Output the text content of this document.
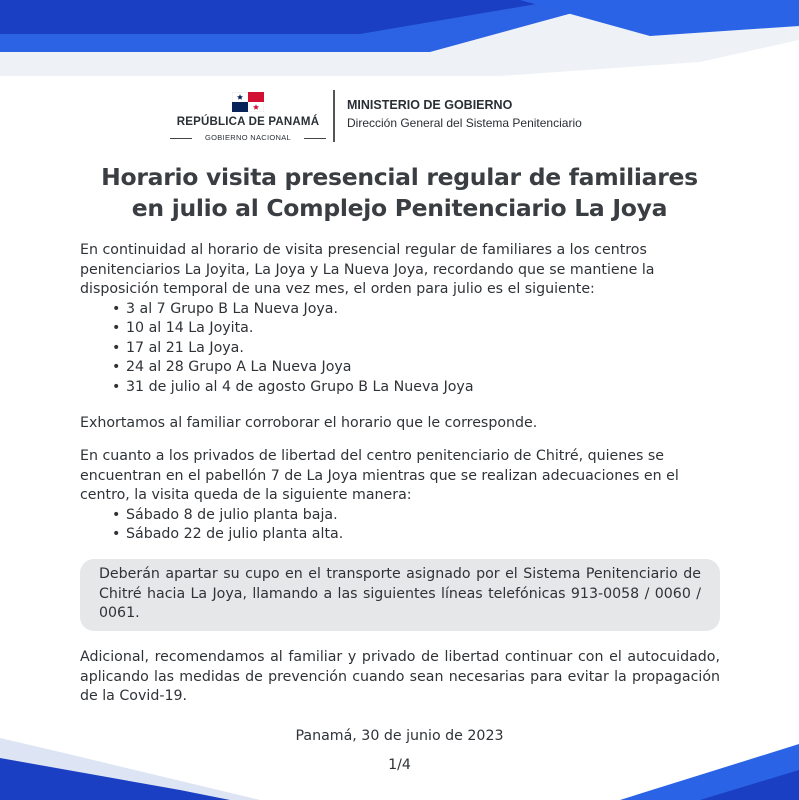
REPÚBLICA DE PANAMÁ
GOBIERNO NACIONAL
MINISTERIO DE GOBIERNO
Dirección General del Sistema Penitenciario
Horario visita presencial regular de familiares
en julio al Complejo Penitenciario La Joya

En continuidad al horario de visita presencial regular de familiares a los centros

penitenciarios La Joyita, La Joya y La Nueva Joya, recordando que se mantiene la

disposición temporal de una vez mes, el orden para julio es el siguiente:

• 3 al 7 Grupo B La Nueva Joya.
• 10 al 14 La Joyita.
• 17 al 21 La Joya.
• 24 al 28 Grupo A La Nueva Joya
• 31 de julio al 4 de agosto Grupo B La Nueva Joya

Exhortamos al familiar corroborar el horario que le corresponde.

En cuanto a los privados de libertad del centro penitenciario de Chitré, quienes se

encuentran en el pabellón 7 de La Joya mientras que se realizan adecuaciones en el

centro, la visita queda de la siguiente manera:

• Sábado 8 de julio planta baja.
• Sábado 22 de julio planta alta.
Deberán apartar su cupo en el transporte asignado por el Sistema Penitenciario de Chitré hacia La Joya, llamando a las siguientes líneas telefónicas 913-0058 / 0060 / 0061.

Adicional, recomendamos al familiar y privado de libertad continuar con el autocuidado, aplicando las medidas de prevención cuando sean necesarias para evitar la propagación de la Covid-19.

Panamá, 30 de junio de 2023
1/4
